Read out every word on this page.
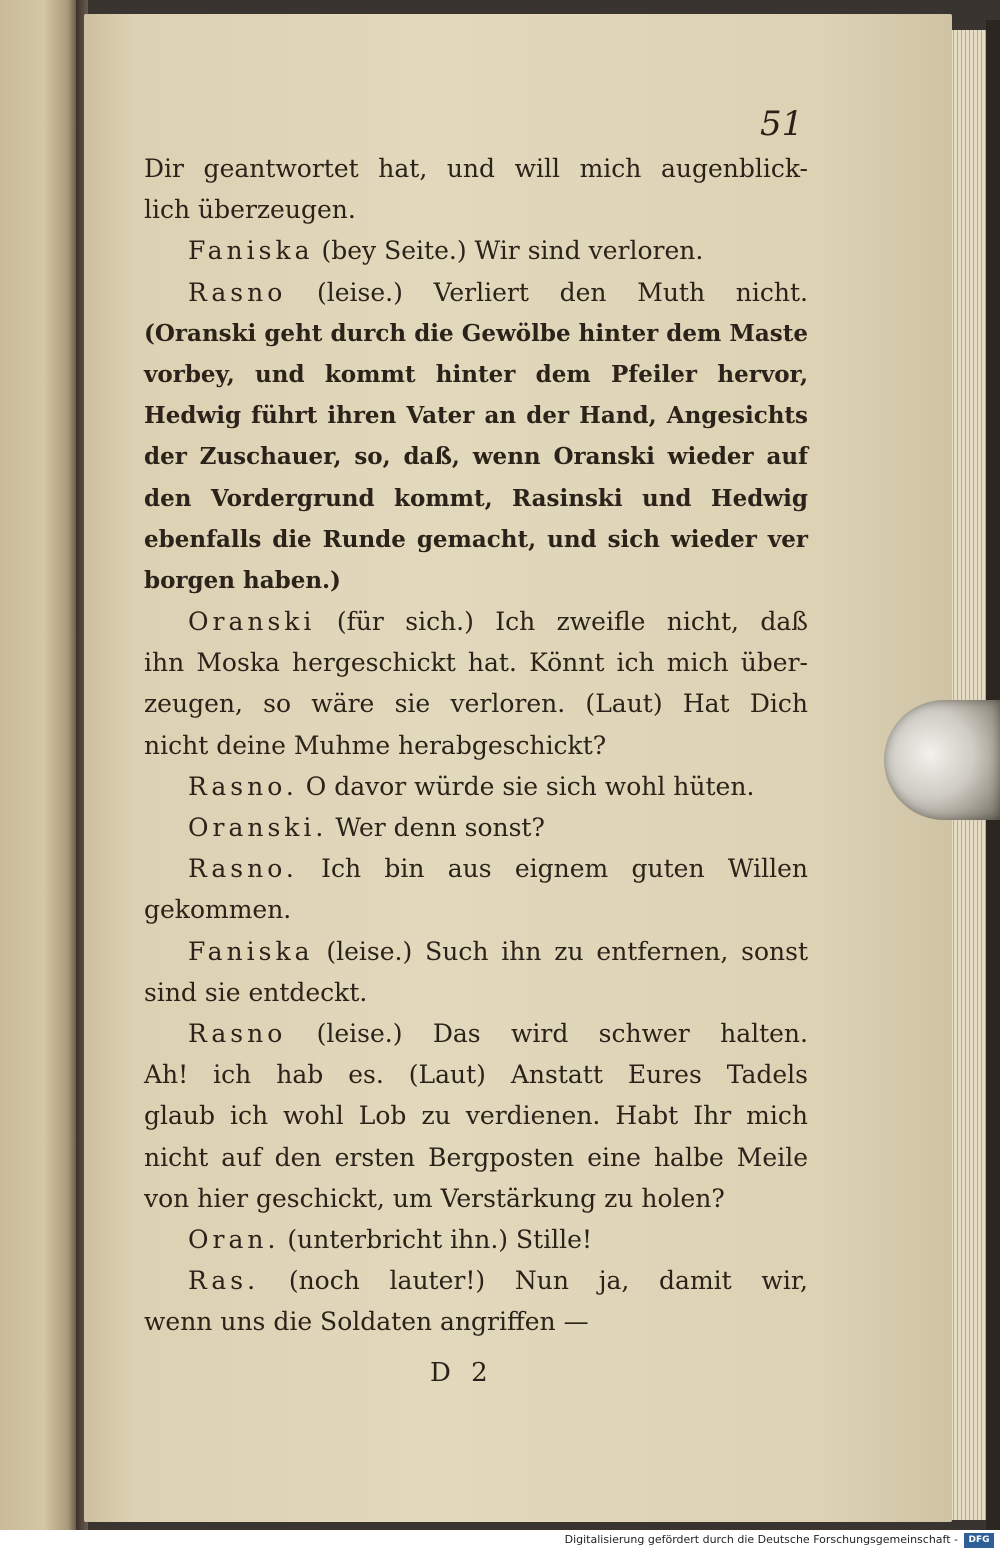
51
Dir geantwortet hat, und will mich augenblick-
lich überzeugen.
Faniska (bey Seite.) Wir sind verloren.
Rasno (leise.) Verliert den Muth nicht.
(Oranski geht durch die Gewölbe hinter dem Maste
vorbey, und kommt hinter dem Pfeiler hervor,
Hedwig führt ihren Vater an der Hand, Angesichts
der Zuschauer, so, daß, wenn Oranski wieder auf
den Vordergrund kommt, Rasinski und Hedwig
ebenfalls die Runde gemacht, und sich wieder ver
borgen haben.)
Oranski (für sich.) Ich zweifle nicht, daß
ihn Moska hergeschickt hat. Könnt ich mich über-
zeugen, so wäre sie verloren. (Laut) Hat Dich
nicht deine Muhme herabgeschickt?
Rasno. O davor würde sie sich wohl hüten.
Oranski. Wer denn sonst?
Rasno. Ich bin aus eignem guten Willen
gekommen.
Faniska (leise.) Such ihn zu entfernen, sonst
sind sie entdeckt.
Rasno (leise.) Das wird schwer halten.
Ah! ich hab es. (Laut) Anstatt Eures Tadels
glaub ich wohl Lob zu verdienen. Habt Ihr mich
nicht auf den ersten Bergposten eine halbe Meile
von hier geschickt, um Verstärkung zu holen?
Oran. (unterbricht ihn.) Stille!
Ras. (noch lauter!) Nun ja, damit wir,
wenn uns die Soldaten angriffen —
D 2
Digitalisierung gefördert durch die Deutsche Forschungsgemeinschaft -	DFG
